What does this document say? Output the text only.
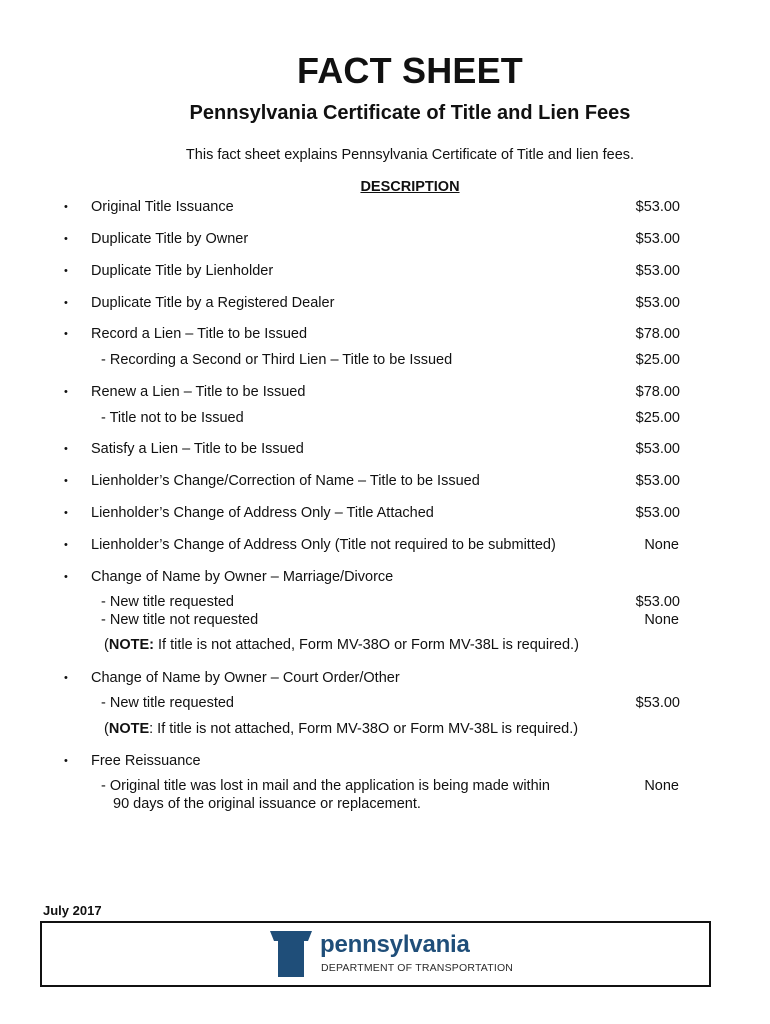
FACT SHEET
Pennsylvania Certificate of Title and Lien Fees
This fact sheet explains Pennsylvania Certificate of Title and lien fees.
DESCRIPTION
• Original Title Issuance	$53.00
• Duplicate Title by Owner	$53.00
• Duplicate Title by Lienholder	$53.00
• Duplicate Title by a Registered Dealer	$53.00
• Record a Lien – Title to be Issued	$78.00
- Recording a Second or Third Lien – Title to be Issued	$25.00
• Renew a Lien – Title to be Issued	$78.00
- Title not to be Issued	$25.00
• Satisfy a Lien – Title to be Issued	$53.00
• Lienholder’s Change/Correction of Name – Title to be Issued	$53.00
• Lienholder’s Change of Address Only – Title Attached	$53.00
• Lienholder’s Change of Address Only (Title not required to be submitted)	None
• Change of Name by Owner – Marriage/Divorce
- New title requested	$53.00
- New title not requested	None
(NOTE: If title is not attached, Form MV-38O or Form MV-38L is required.)
• Change of Name by Owner – Court Order/Other
- New title requested	$53.00
(NOTE: If title is not attached, Form MV-38O or Form MV-38L is required.)
• Free Reissuance
- Original title was lost in mail and the application is being made within	None
90 days of the original issuance or replacement.
July 2017
pennsylvania
DEPARTMENT OF TRANSPORTATION
